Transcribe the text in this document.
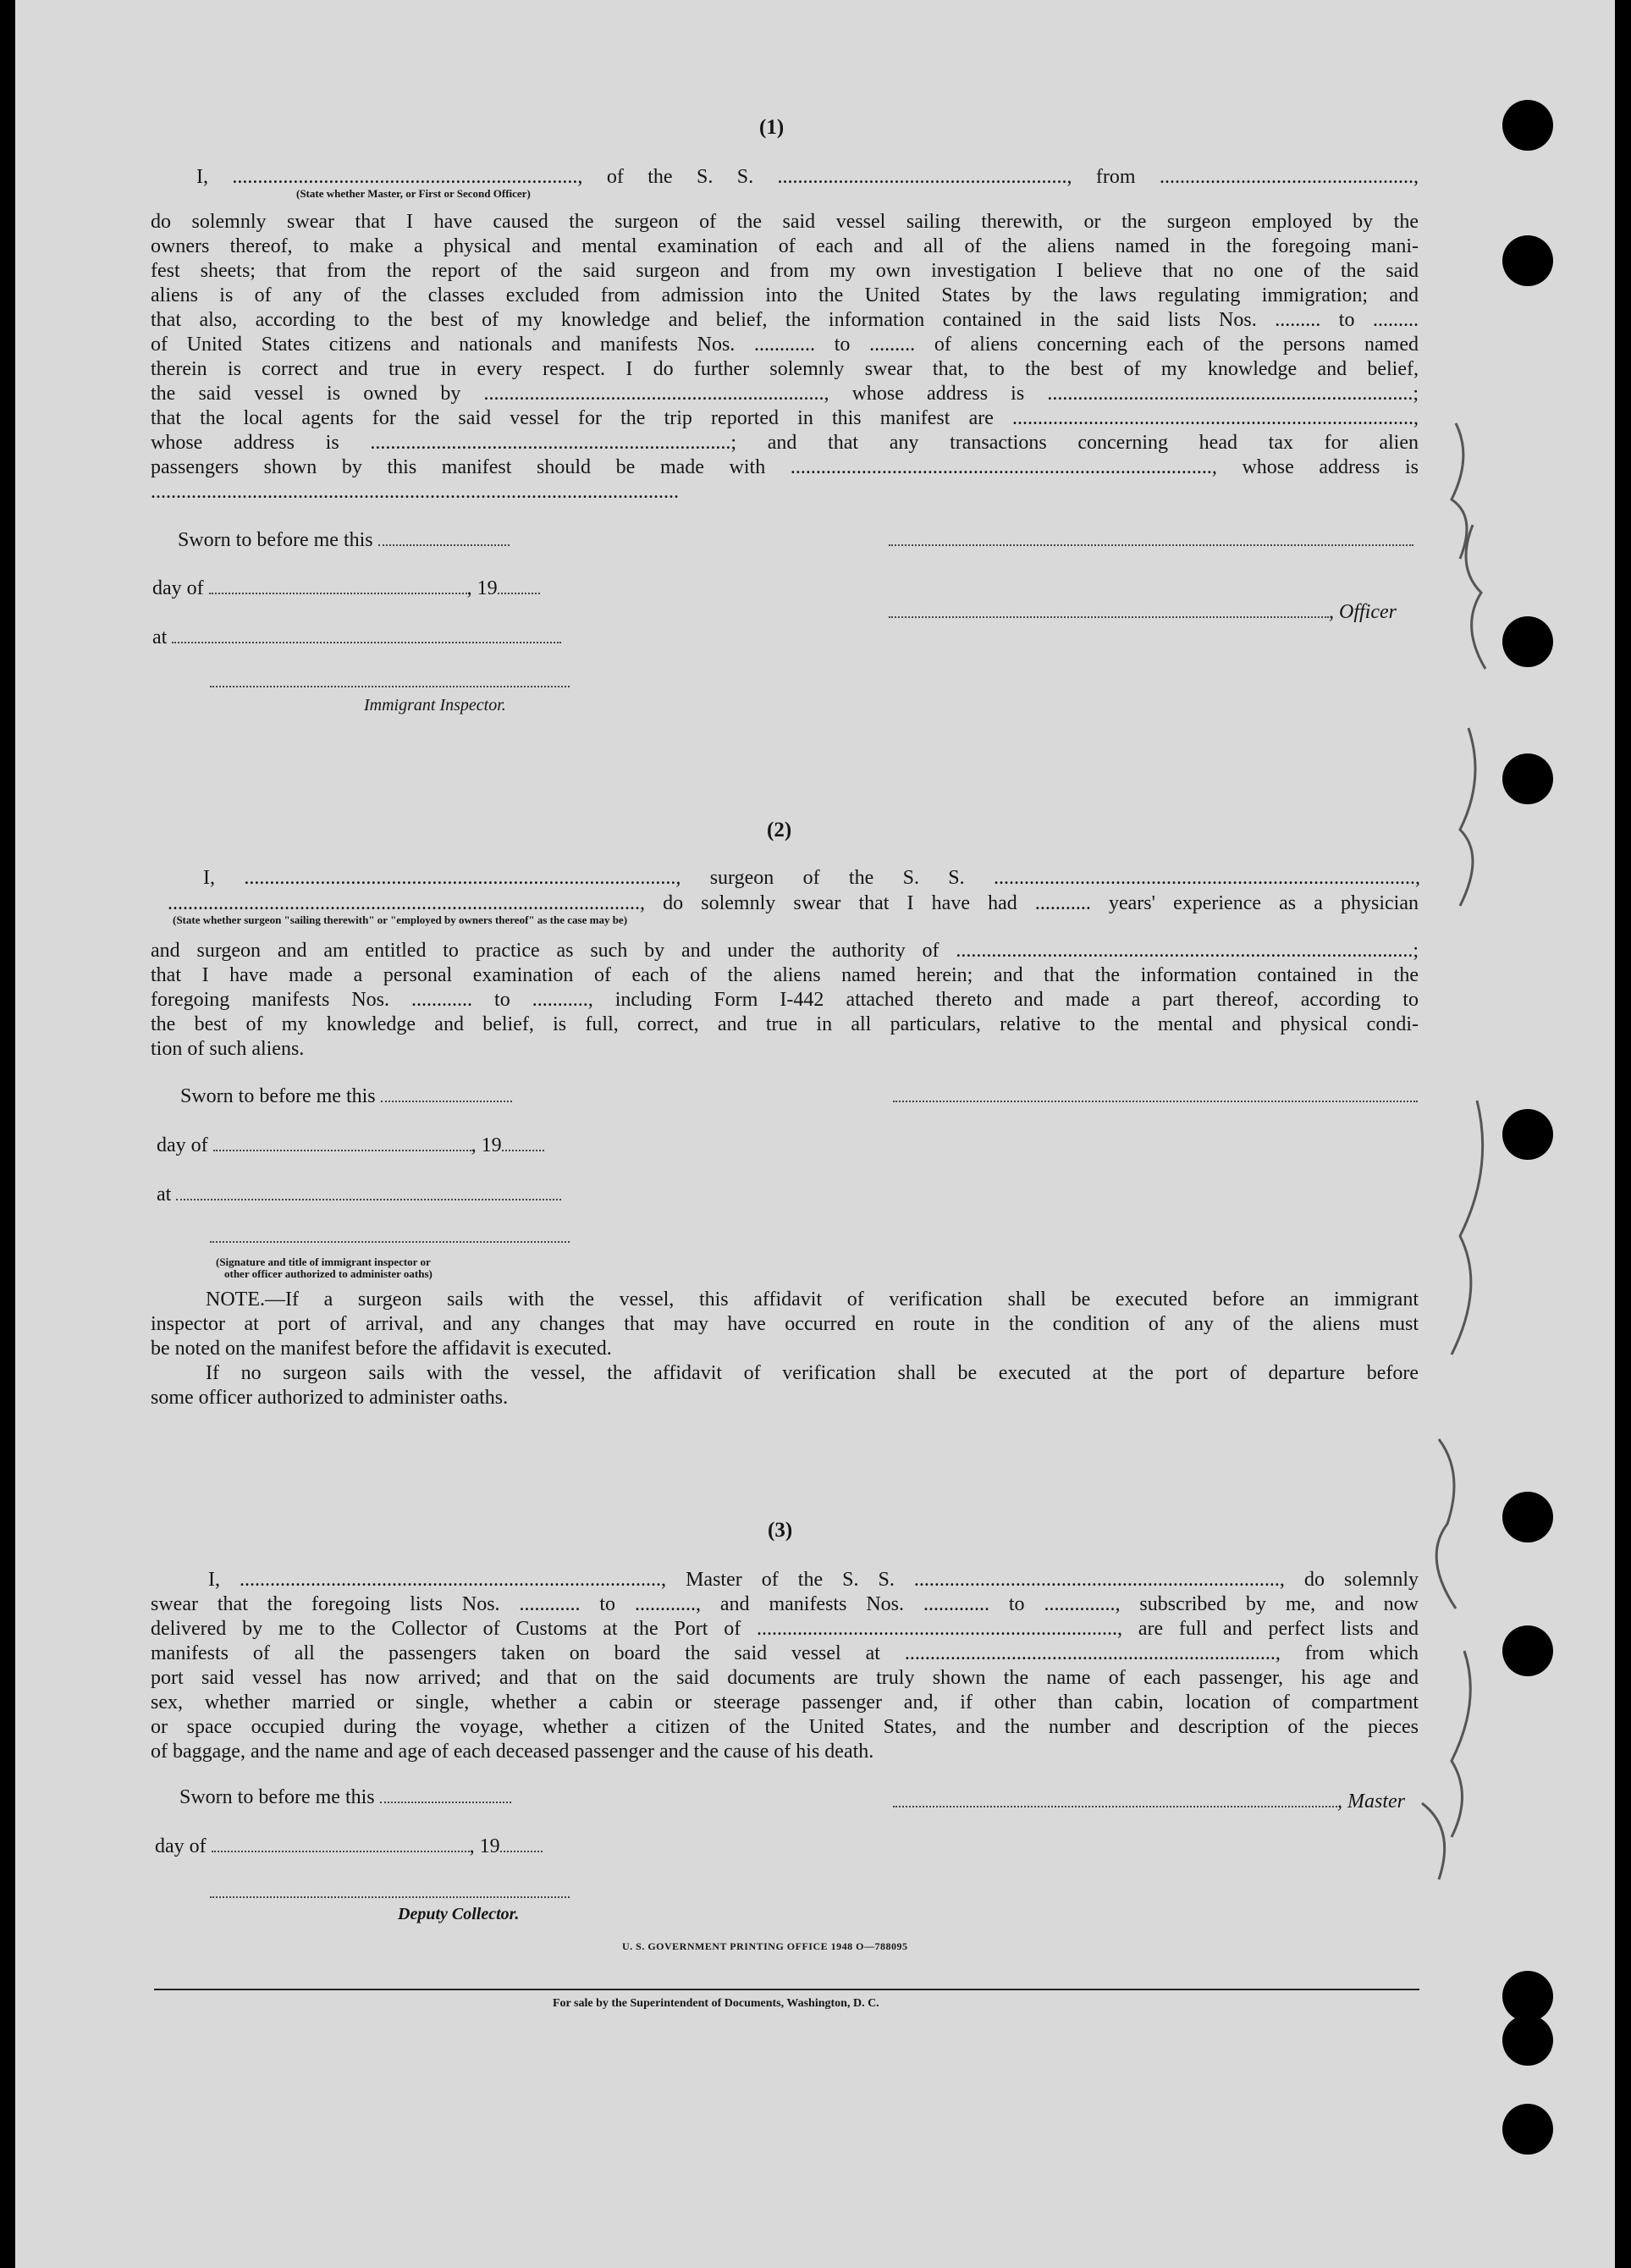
(1)
I, ...................................................................., of the S. S. ........................................................., from ..................................................,
(State whether Master, or First or Second Officer)
do solemnly swear that I have caused the surgeon of the said vessel sailing therewith, or the surgeon employed by the
owners thereof, to make a physical and mental examination of each and all of the aliens named in the foregoing mani-
fest sheets; that from the report of the said surgeon and from my own investigation I believe that no one of the said
aliens is of any of the classes excluded from admission into the United States by the laws regulating immigration; and
that also, according to the best of my knowledge and belief, the information contained in the said lists Nos. ......... to .........
of United States citizens and nationals and manifests Nos. ............ to ......... of aliens concerning each of the persons named
therein is correct and true in every respect. I do further solemnly swear that, to the best of my knowledge and belief,
the said vessel is owned by ..................................................................., whose address is ........................................................................;
that the local agents for the said vessel for the trip reported in this manifest are ...............................................................................,
whose address is .......................................................................; and that any transactions concerning head tax for alien
passengers shown by this manifest should be made with ..................................................................................., whose address is
........................................................................................................
Sworn to before me this
day of	, 19
at
Immigrant Inspector.
, Officer
(2)
I, ....................................................................................., surgeon of the S. S. ...................................................................................,
............................................................................................., do solemnly swear that I have had ........... years' experience as a physician
(State whether surgeon "sailing therewith" or "employed by owners thereof" as the case may be)
and surgeon and am entitled to practice as such by and under the authority of ..........................................................................................;
that I have made a personal examination of each of the aliens named herein; and that the information contained in the
foregoing manifests Nos. ............ to ..........., including Form I-442 attached thereto and made a part thereof, according to
the best of my knowledge and belief, is full, correct, and true in all particulars, relative to the mental and physical condi-
tion of such aliens.
Sworn to before me this
day of	, 19
at
(Signature and title of immigrant inspector or
other officer authorized to administer oaths)
NOTE.—If a surgeon sails with the vessel, this affidavit of verification shall be executed before an immigrant
inspector at port of arrival, and any changes that may have occurred en route in the condition of any of the aliens must
be noted on the manifest before the affidavit is executed.
If no surgeon sails with the vessel, the affidavit of verification shall be executed at the port of departure before
some officer authorized to administer oaths.
(3)
I, ..................................................................................., Master of the S. S. ........................................................................, do solemnly
swear that the foregoing lists Nos. ............ to ............, and manifests Nos. ............. to .............., subscribed by me, and now
delivered by me to the Collector of Customs at the Port of ......................................................................., are full and perfect lists and
manifests of all the passengers taken on board the said vessel at ........................................................................., from which
port said vessel has now arrived; and that on the said documents are truly shown the name of each passenger, his age and
sex, whether married or single, whether a cabin or steerage passenger and, if other than cabin, location of compartment
or space occupied during the voyage, whether a citizen of the United States, and the number and description of the pieces
of baggage, and the name and age of each deceased passenger and the cause of his death.
Sworn to before me this	, Master
day of	, 19
Deputy Collector.
U. S. GOVERNMENT PRINTING OFFICE 1948 O—788095
For sale by the Superintendent of Documents, Washington, D. C.
